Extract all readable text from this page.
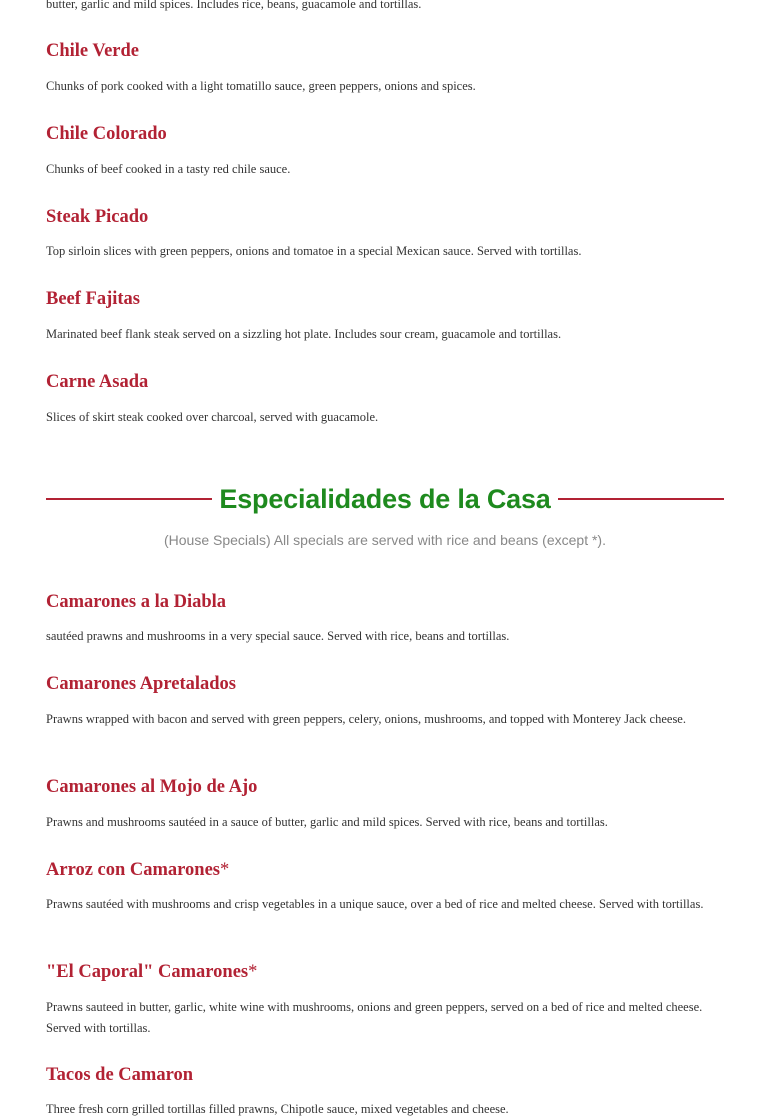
butter, garlic and mild spices. Includes rice, beans, guacamole and tortillas.
Chile Verde

Chunks of pork cooked with a light tomatillo sauce, green peppers, onions and spices.

Chile Colorado

Chunks of beef cooked in a tasty red chile sauce.

Steak Picado

Top sirloin slices with green peppers, onions and tomatoe in a special Mexican sauce. Served with tortillas.

Beef Fajitas

Marinated beef flank steak served on a sizzling hot plate. Includes sour cream, guacamole and tortillas.

Carne Asada

Slices of skirt steak cooked over charcoal, served with guacamole.

Especialidades de la Casa
(House Specials) All specials are served with rice and beans (except *).
Camarones a la Diabla

sautéed prawns and mushrooms in a very special sauce. Served with rice, beans and tortillas.

Camarones Apretalados

Prawns wrapped with bacon and served with green peppers, celery, onions, mushrooms, and topped with Monterey Jack cheese.

Camarones al Mojo de Ajo

Prawns and mushrooms sautéed in a sauce of butter, garlic and mild spices. Served with rice, beans and tortillas.

Arroz con Camarones*

Prawns sautéed with mushrooms and crisp vegetables in a unique sauce, over a bed of rice and melted cheese. Served with tortillas.

"El Caporal" Camarones*

Prawns sauteed in butter, garlic, white wine with mushrooms, onions and green peppers, served on a bed of rice and melted cheese. Served with tortillas.

Tacos de Camaron

Three fresh corn grilled tortillas filled prawns, Chipotle sauce, mixed vegetables and cheese.
